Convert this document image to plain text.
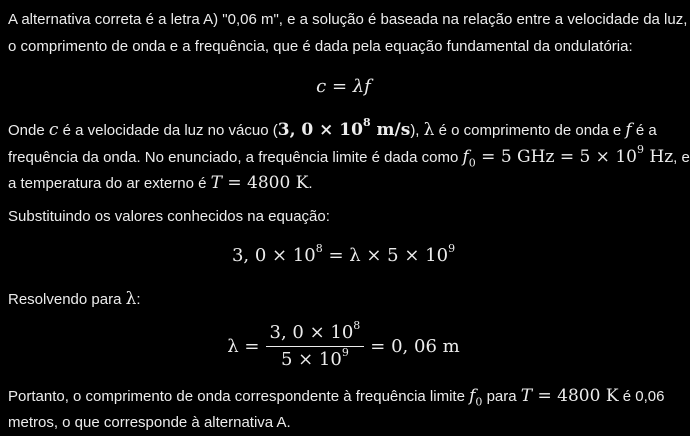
A alternativa correta é a letra A) "0,06 m", e a solução é baseada na relação entre a velocidade da luz,

o comprimento de onda e a frequência, que é dada pela equação fundamental da ondulatória:

c = λf

Onde c é a velocidade da luz no vácuo (3, $0 \times 10^8$ m/s), λ é o comprimento de onda e f é a

frequência da onda. No enunciado, a frequência limite é dada como $f_0 = 5$ GHz = $5 \times 10^9$ Hz, e

a temperatura do ar externo é T = 4800 K.

Substituindo os valores conhecidos na equação:

3, $0 \times 10^8 = \lambda \times 5 \times 10^9$

Resolvendo para λ:

$\lambda = \frac{3, 0 \times 10^8}{5 \times 10^9} = 0$, 06 m

Portanto, o comprimento de onda correspondente à frequência limite $f_0$ para T = 4800 K é 0,06

metros, o que corresponde à alternativa A.
